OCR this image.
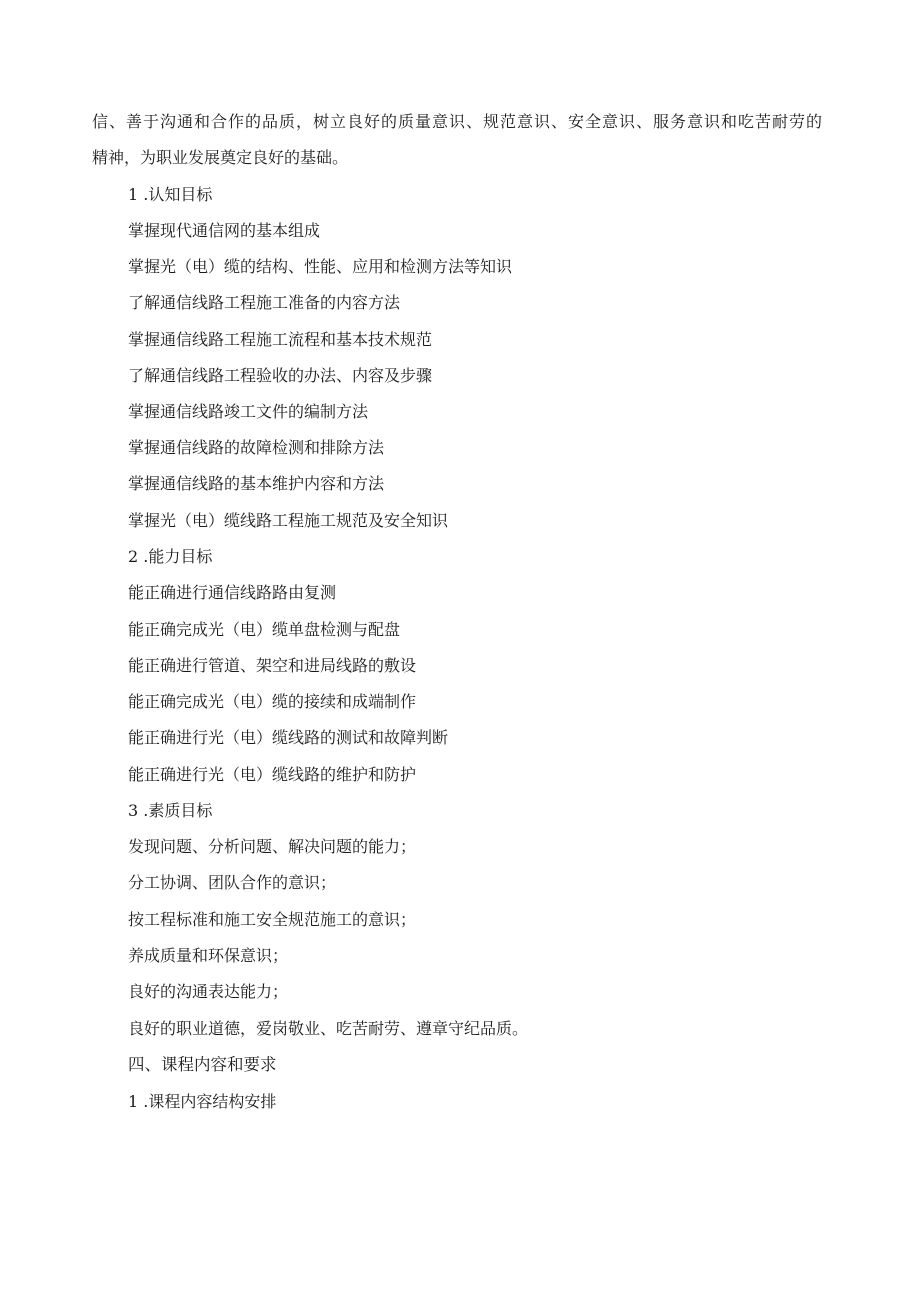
信、善于沟通和合作的品质，树立良好的质量意识、规范意识、安全意识、服务意识和吃苦耐劳的
精神，为职业发展奠定良好的基础。
1 .认知目标
掌握现代通信网的基本组成
掌握光（电）缆的结构、性能、应用和检测方法等知识
了解通信线路工程施工准备的内容方法
掌握通信线路工程施工流程和基本技术规范
了解通信线路工程验收的办法、内容及步骤
掌握通信线路竣工文件的编制方法
掌握通信线路的故障检测和排除方法
掌握通信线路的基本维护内容和方法
掌握光（电）缆线路工程施工规范及安全知识
2 .能力目标
能正确进行通信线路路由复测
能正确完成光（电）缆单盘检测与配盘
能正确进行管道、架空和进局线路的敷设
能正确完成光（电）缆的接续和成端制作
能正确进行光（电）缆线路的测试和故障判断
能正确进行光（电）缆线路的维护和防护
3 .素质目标
发现问题、分析问题、解决问题的能力；
分工协调、团队合作的意识；
按工程标准和施工安全规范施工的意识；
养成质量和环保意识；
良好的沟通表达能力；
良好的职业道德，爱岗敬业、吃苦耐劳、遵章守纪品质。
四、课程内容和要求
1 .课程内容结构安排
